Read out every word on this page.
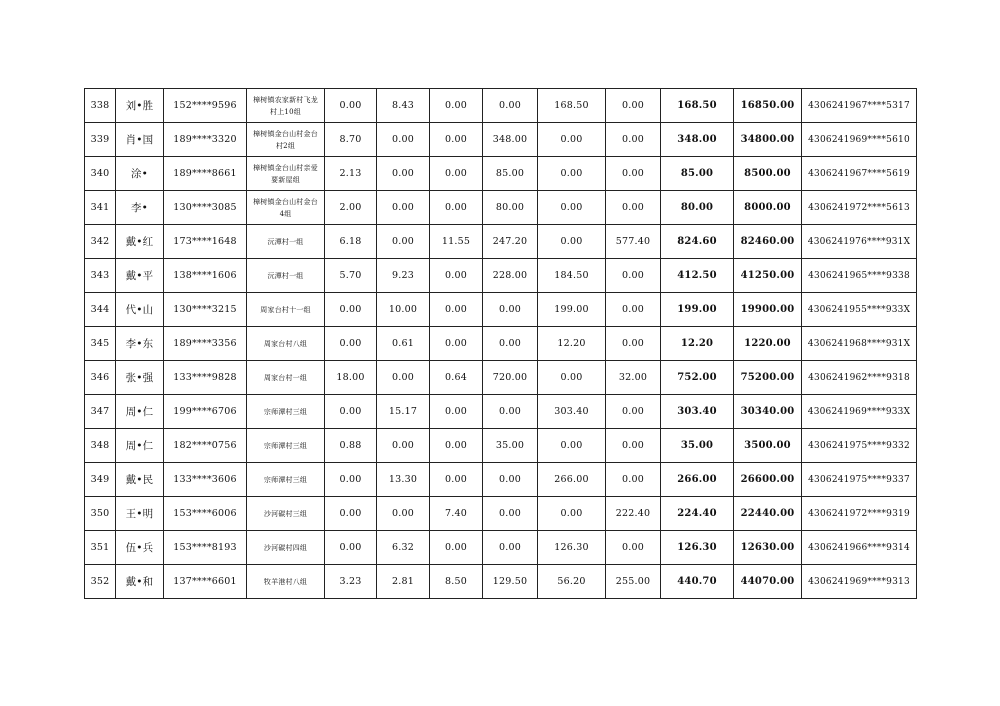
338	刘•胜	152****9596	樟树镇农家新村飞龙村上10组	0.00	8.43	0.00	0.00	168.50	0.00	168.50	16850.00	4306241967****5317
339	肖•国	189****3320	樟树镇金台山村金台村2组	8.70	0.00	0.00	348.00	0.00	0.00	348.00	34800.00	4306241969****5610
340	涂•	189****8661	樟树镇金台山村亲爱要新屋组	2.13	0.00	0.00	85.00	0.00	0.00	85.00	8500.00	4306241967****5619
341	李•	130****3085	樟树镇金台山村金台4组	2.00	0.00	0.00	80.00	0.00	0.00	80.00	8000.00	4306241972****5613
342	戴•红	173****1648	沅潭村一组	6.18	0.00	11.55	247.20	0.00	577.40	824.60	82460.00	4306241976****931X
343	戴•平	138****1606	沅潭村一组	5.70	9.23	0.00	228.00	184.50	0.00	412.50	41250.00	4306241965****9338
344	代•山	130****3215	周家台村十一组	0.00	10.00	0.00	0.00	199.00	0.00	199.00	19900.00	4306241955****933X
345	李•东	189****3356	周家台村八组	0.00	0.61	0.00	0.00	12.20	0.00	12.20	1220.00	4306241968****931X
346	张•强	133****9828	周家台村一组	18.00	0.00	0.64	720.00	0.00	32.00	752.00	75200.00	4306241962****9318
347	周•仁	199****6706	宗师潭村三组	0.00	15.17	0.00	0.00	303.40	0.00	303.40	30340.00	4306241969****933X
348	周•仁	182****0756	宗师潭村三组	0.88	0.00	0.00	35.00	0.00	0.00	35.00	3500.00	4306241975****9332
349	戴•民	133****3606	宗师潭村三组	0.00	13.30	0.00	0.00	266.00	0.00	266.00	26600.00	4306241975****9337
350	王•明	153****6006	沙河碳村三组	0.00	0.00	7.40	0.00	0.00	222.40	224.40	22440.00	4306241972****9319
351	伍•兵	153****8193	沙河碳村四组	0.00	6.32	0.00	0.00	126.30	0.00	126.30	12630.00	4306241966****9314
352	戴•和	137****6601	牧羊港村八组	3.23	2.81	8.50	129.50	56.20	255.00	440.70	44070.00	4306241969****9313
